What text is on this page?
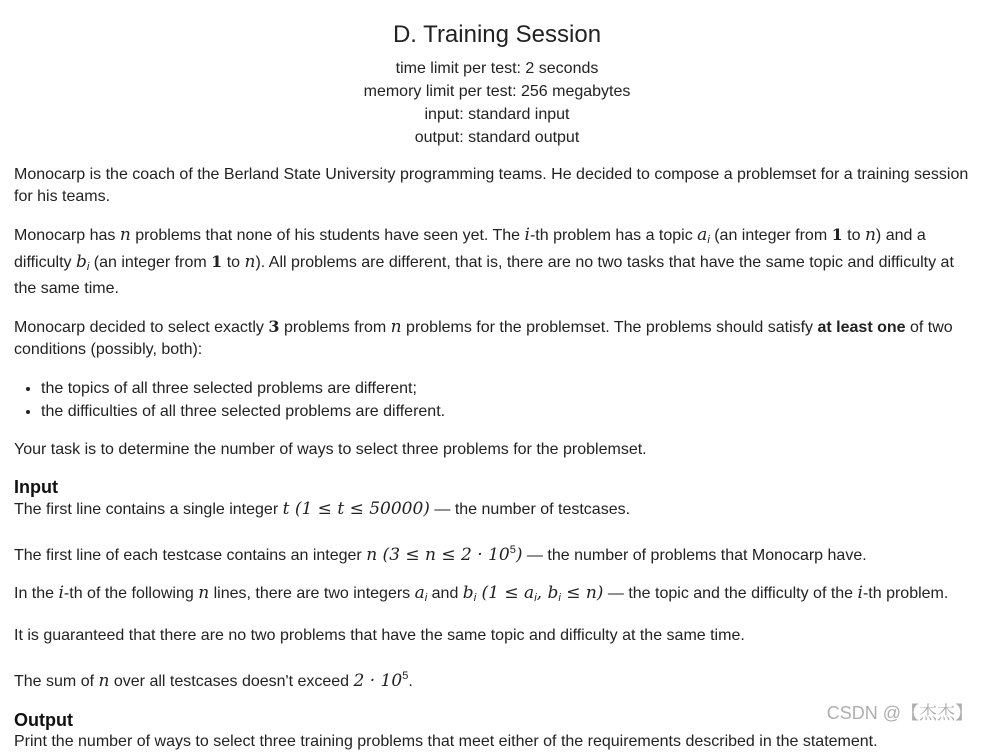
D. Training Session
time limit per test: 2 seconds
memory limit per test: 256 megabytes
input: standard input
output: standard output

Monocarp is the coach of the Berland State University programming teams. He decided to compose a problemset for a training session for his teams.

Monocarp has n problems that none of his students have seen yet. The i-th problem has a topic $a_i$ (an integer from 1 to n) and a difficulty $b_i$ (an integer from 1 to n). All problems are different, that is, there are no two tasks that have the same topic and difficulty at the same time.

Monocarp decided to select exactly 3 problems from n problems for the problemset. The problems should satisfy at least one of two conditions (possibly, both):

• the topics of all three selected problems are different;
• the difficulties of all three selected problems are different.

Your task is to determine the number of ways to select three problems for the problemset.

Input

The first line contains a single integer t (1 ≤ t ≤ 50000) — the number of testcases.

The first line of each testcase contains an integer n $(3 \le n \le 2 \cdot 10^5)$ — the number of problems that Monocarp have.

In the i-th of the following n lines, there are two integers $a_i$ and $b_i$ ($1 \le a_i$, $b_i \le n$) — the topic and the difficulty of the i-th problem.

It is guaranteed that there are no two problems that have the same topic and difficulty at the same time.

The sum of n over all testcases doesn't exceed $2 \cdot 10^5$.

Output

Print the number of ways to select three training problems that meet either of the requirements described in the statement.

CSDN @【杰杰】
